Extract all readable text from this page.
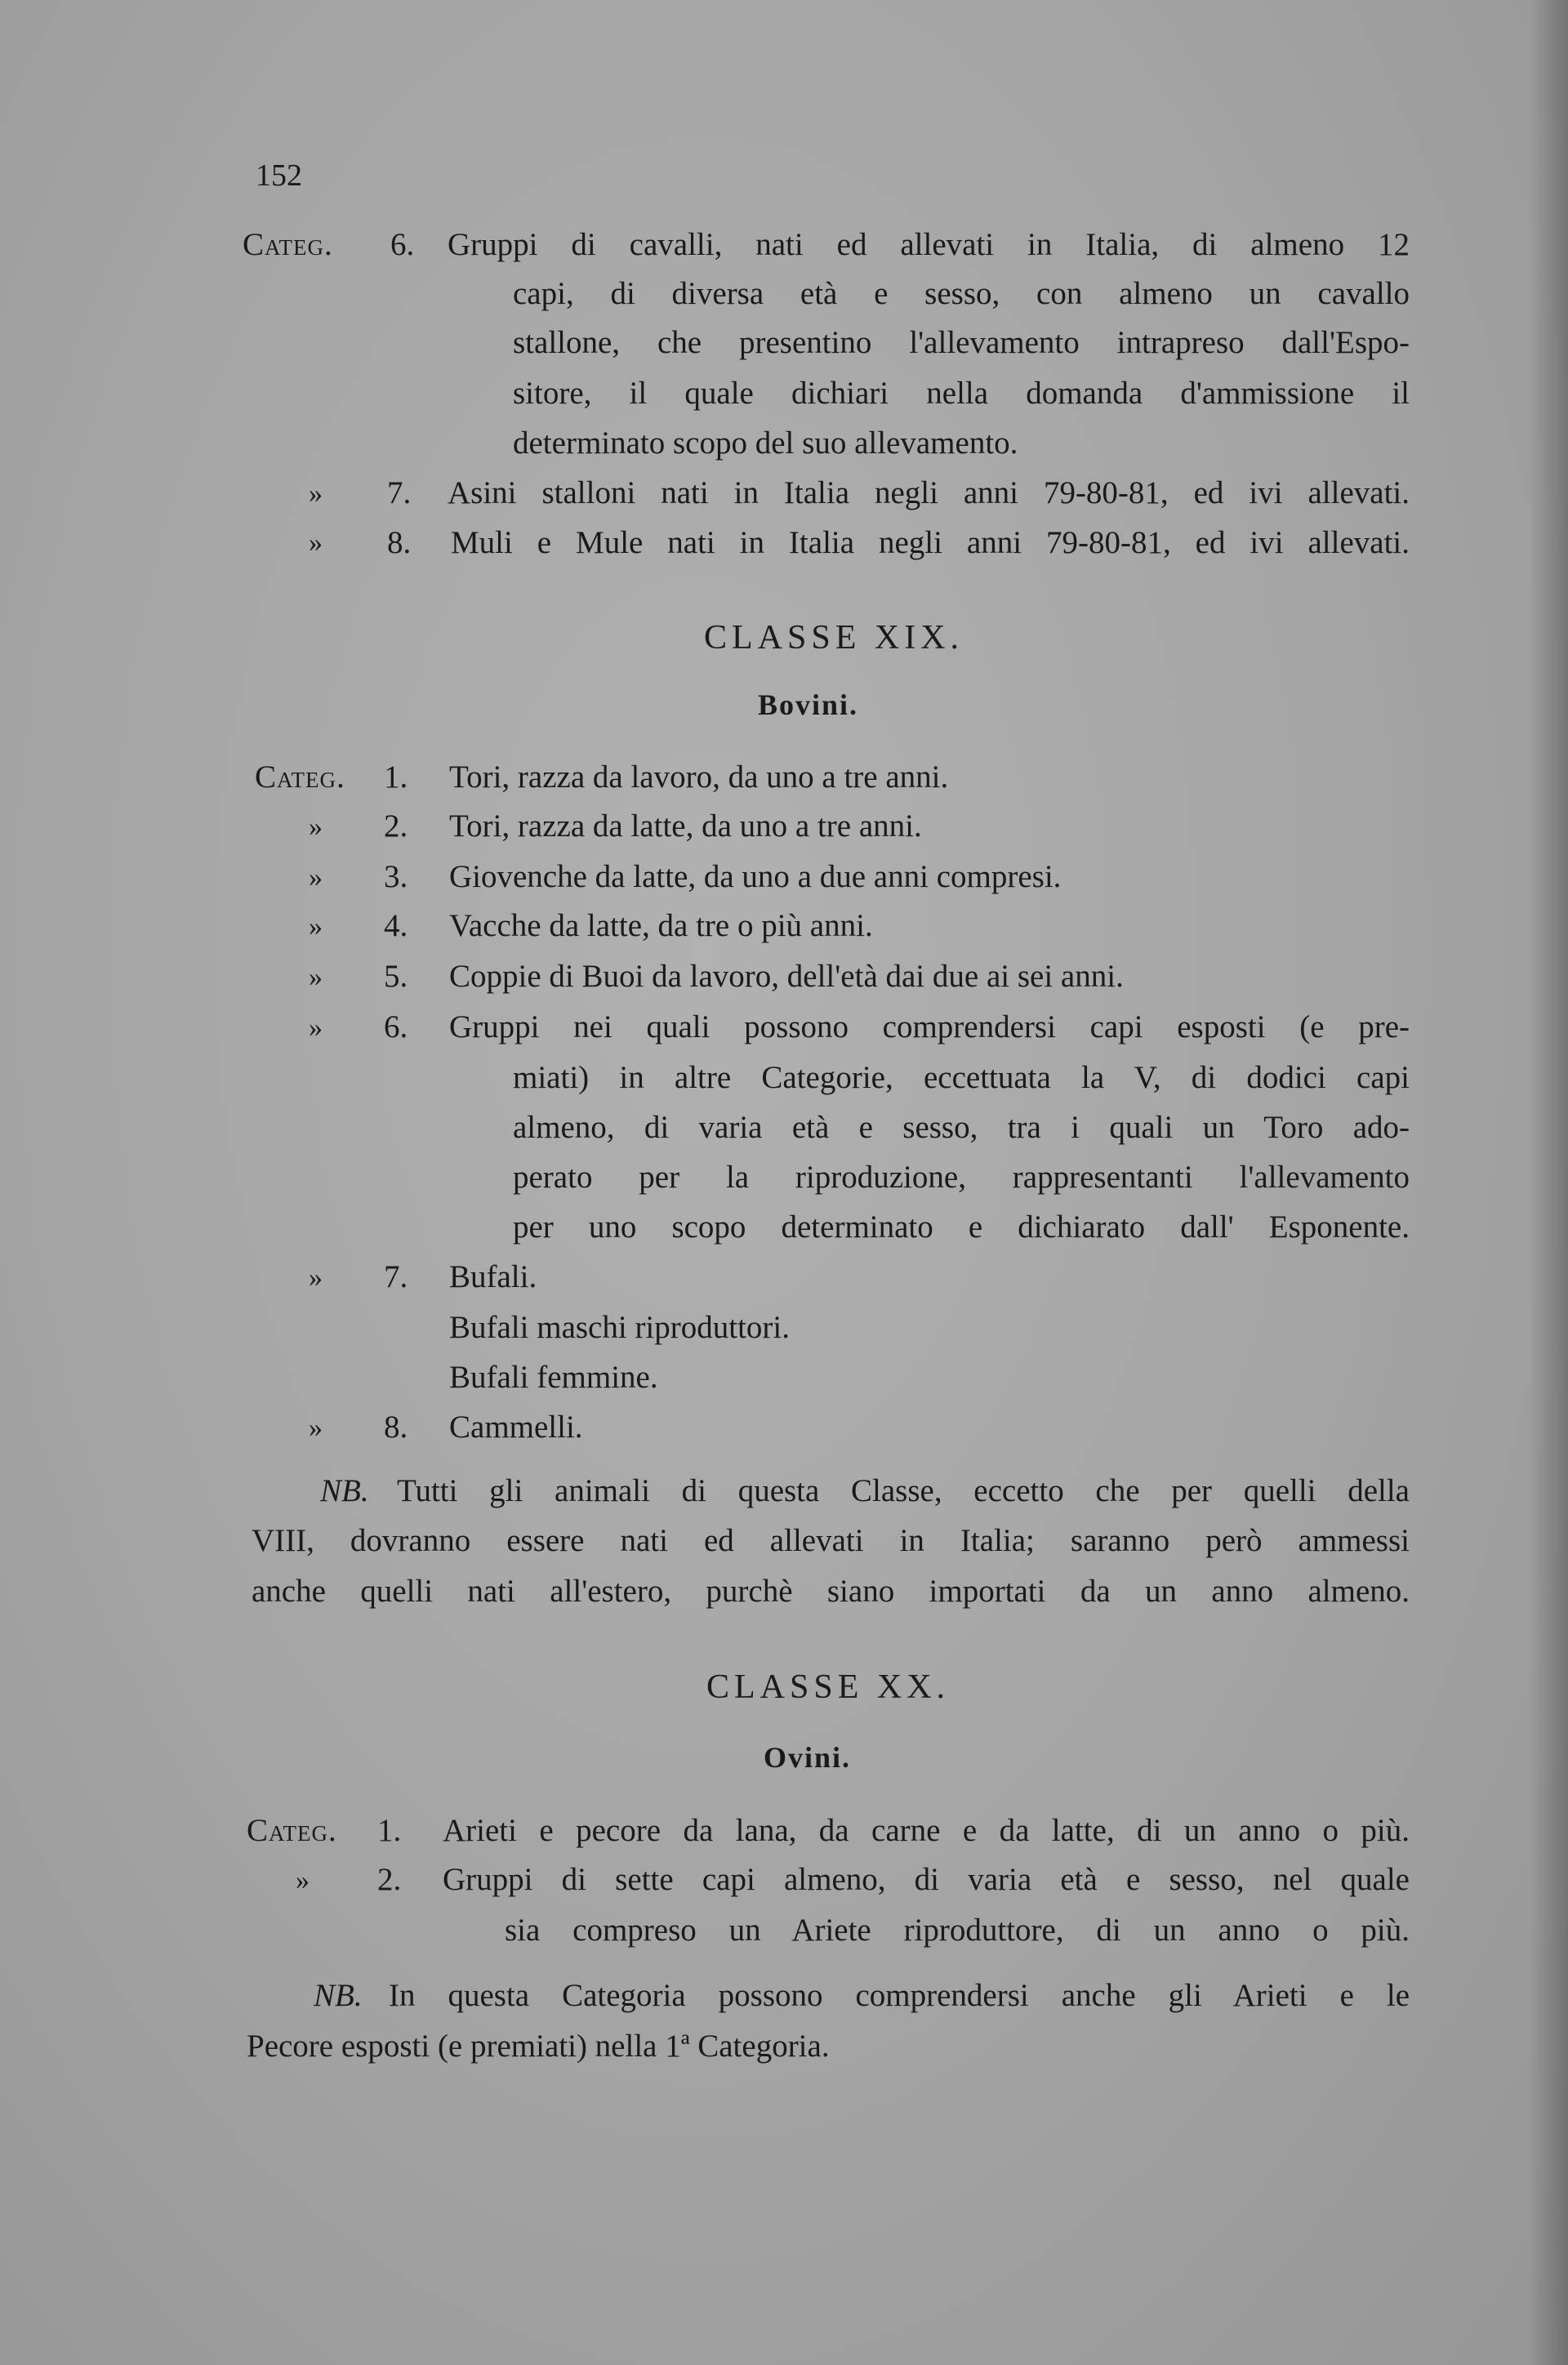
152
Categ. 6. Gruppi di cavalli, nati ed allevati in Italia, di almeno 12
capi, di diversa età e sesso, con almeno un cavallo
stallone, che presentino l'allevamento intrapreso dall'Espo-
sitore, il quale dichiari nella domanda d'ammissione il
determinato scopo del suo allevamento.
» 7. Asini stalloni nati in Italia negli anni 79-80-81, ed ivi allevati.
» 8. Muli e Mule nati in Italia negli anni 79-80-81, ed ivi allevati.
CLASSE XIX.
Bovini.
Categ. 1. Tori, razza da lavoro, da uno a tre anni.
» 2. Tori, razza da latte, da uno a tre anni.
» 3. Giovenche da latte, da uno a due anni compresi.
» 4. Vacche da latte, da tre o più anni.
» 5. Coppie di Buoi da lavoro, dell'età dai due ai sei anni.
» 6. Gruppi nei quali possono comprendersi capi esposti (e pre-
miati) in altre Categorie, eccettuata la V, di dodici capi
almeno, di varia età e sesso, tra i quali un Toro ado-
perato per la riproduzione, rappresentanti l'allevamento
per uno scopo determinato e dichiarato dall' Esponente.
» 7. Bufali.
Bufali maschi riproduttori.
Bufali femmine.
» 8. Cammelli.
NB. Tutti gli animali di questa Classe, eccetto che per quelli della
VIII, dovranno essere nati ed allevati in Italia; saranno però ammessi
anche quelli nati all'estero, purchè siano importati da un anno almeno.
CLASSE XX.
Ovini.
Categ. 1. Arieti e pecore da lana, da carne e da latte, di un anno o più.
» 2. Gruppi di sette capi almeno, di varia età e sesso, nel quale
sia compreso un Ariete riproduttore, di un anno o più.
NB. In questa Categoria possono comprendersi anche gli Arieti e le
Pecore esposti (e premiati) nella 1ª Categoria.
